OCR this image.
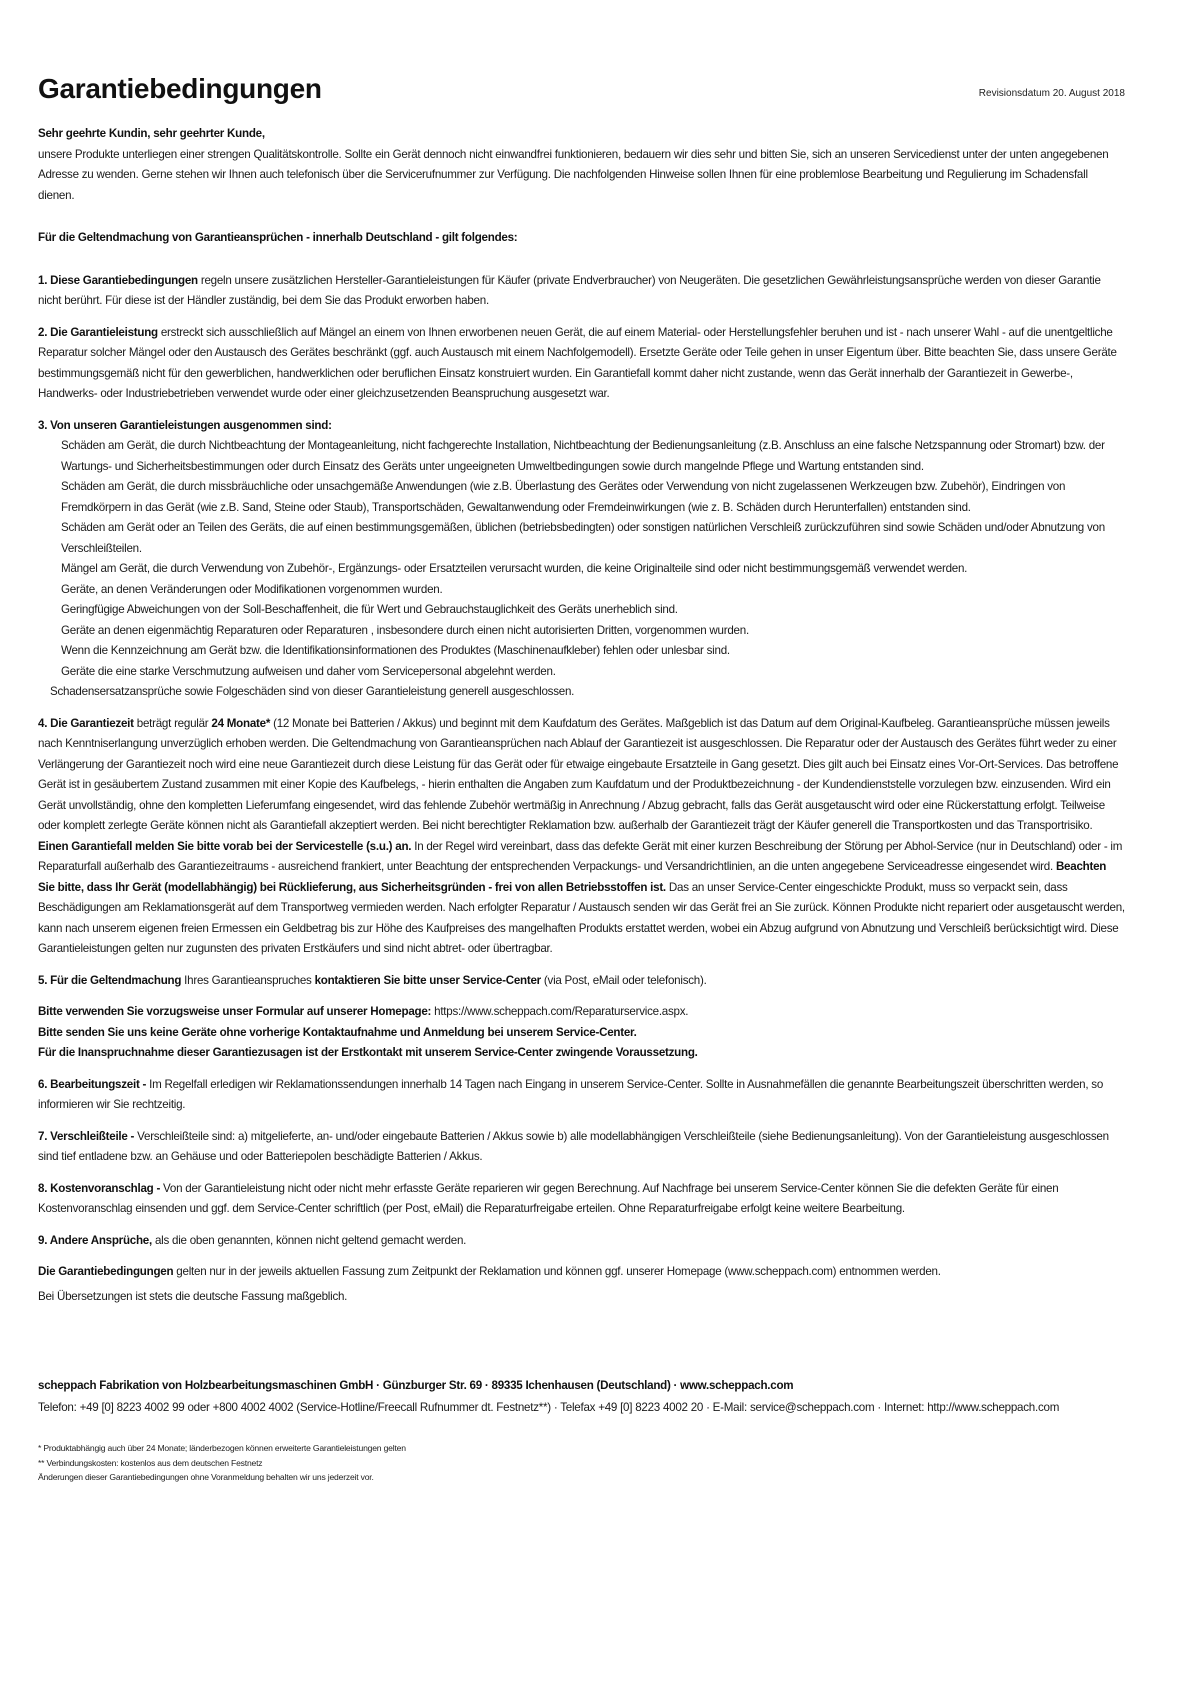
Garantiebedingungen	Revisionsdatum 20. August 2018

Sehr geehrte Kundin, sehr geehrter Kunde,

unsere Produkte unterliegen einer strengen Qualitätskontrolle. Sollte ein Gerät dennoch nicht einwandfrei funktionieren, bedauern wir dies sehr und bitten Sie, sich an unseren Servicedienst unter der unten angegebenen Adresse zu wenden. Gerne stehen wir Ihnen auch telefonisch über die Servicerufnummer zur Verfügung. Die nachfolgenden Hinweise sollen Ihnen für eine problemlose Bearbeitung und Regulierung im Schadensfall dienen.

Für die Geltendmachung von Garantieansprüchen - innerhalb Deutschland - gilt folgendes:

1. Diese Garantiebedingungen regeln unsere zusätzlichen Hersteller-Garantieleistungen für Käufer (private Endverbraucher) von Neugeräten. Die gesetzlichen Gewährleistungsansprüche werden von dieser Garantie nicht berührt. Für diese ist der Händler zuständig, bei dem Sie das Produkt erworben haben.

2. Die Garantieleistung erstreckt sich ausschließlich auf Mängel an einem von Ihnen erworbenen neuen Gerät, die auf einem Material- oder Herstellungsfehler beruhen und ist - nach unserer Wahl - auf die unentgeltliche Reparatur solcher Mängel oder den Austausch des Gerätes beschränkt (ggf. auch Austausch mit einem Nachfolgemodell). Ersetzte Geräte oder Teile gehen in unser Eigentum über. Bitte beachten Sie, dass unsere Geräte bestimmungsgemäß nicht für den gewerblichen, handwerklichen oder beruflichen Einsatz konstruiert wurden. Ein Garantiefall kommt daher nicht zustande, wenn das Gerät innerhalb der Garantiezeit in Gewerbe-, Handwerks- oder Industriebetrieben verwendet wurde oder einer gleichzusetzenden Beanspruchung ausgesetzt war.

3. Von unseren Garantieleistungen ausgenommen sind:

Schäden am Gerät, die durch Nichtbeachtung der Montageanleitung, nicht fachgerechte Installation, Nichtbeachtung der Bedienungsanleitung (z.B. Anschluss an eine falsche Netzspannung oder Stromart) bzw. der Wartungs- und Sicherheitsbestimmungen oder durch Einsatz des Geräts unter ungeeigneten Umweltbedingungen sowie durch mangelnde Pflege und Wartung entstanden sind.
Schäden am Gerät, die durch missbräuchliche oder unsachgemäße Anwendungen (wie z.B. Überlastung des Gerätes oder Verwendung von nicht zugelassenen Werkzeugen bzw. Zubehör), Eindringen von Fremdkörpern in das Gerät (wie z.B. Sand, Steine oder Staub), Transportschäden, Gewaltanwendung oder Fremdeinwirkungen (wie z. B. Schäden durch Herunterfallen) entstanden sind.
Schäden am Gerät oder an Teilen des Geräts, die auf einen bestimmungsgemäßen, üblichen (betriebsbedingten) oder sonstigen natürlichen Verschleiß zurückzuführen sind sowie Schäden und/oder Abnutzung von Verschleißteilen.
Mängel am Gerät, die durch Verwendung von Zubehör-, Ergänzungs- oder Ersatzteilen verursacht wurden, die keine Originalteile sind oder nicht bestimmungsgemäß verwendet werden.
Geräte, an denen Veränderungen oder Modifikationen vorgenommen wurden.
Geringfügige Abweichungen von der Soll-Beschaffenheit, die für Wert und Gebrauchstauglichkeit des Geräts unerheblich sind.
Geräte an denen eigenmächtig Reparaturen oder Reparaturen , insbesondere durch einen nicht autorisierten Dritten, vorgenommen wurden.
Wenn die Kennzeichnung am Gerät bzw. die Identifikationsinformationen des Produktes (Maschinenaufkleber) fehlen oder unlesbar sind.
Geräte die eine starke Verschmutzung aufweisen und daher vom Servicepersonal abgelehnt werden.
Schadensersatzansprüche sowie Folgeschäden sind von dieser Garantieleistung generell ausgeschlossen.

4. Die Garantiezeit beträgt regulär 24 Monate* (12 Monate bei Batterien / Akkus) und beginnt mit dem Kaufdatum des Gerätes. Maßgeblich ist das Datum auf dem Original-Kaufbeleg. Garantieansprüche müssen jeweils nach Kenntniserlangung unverzüglich erhoben werden. Die Geltendmachung von Garantieansprüchen nach Ablauf der Garantiezeit ist ausgeschlossen. Die Reparatur oder der Austausch des Gerätes führt weder zu einer Verlängerung der Garantiezeit noch wird eine neue Garantiezeit durch diese Leistung für das Gerät oder für etwaige eingebaute Ersatzteile in Gang gesetzt. Dies gilt auch bei Einsatz eines Vor-Ort-Services. Das betroffene Gerät ist in gesäubertem Zustand zusammen mit einer Kopie des Kaufbelegs, - hierin enthalten die Angaben zum Kaufdatum und der Produktbezeichnung - der Kundendienststelle vorzulegen bzw. einzusenden. Wird ein Gerät unvollständig, ohne den kompletten Lieferumfang eingesendet, wird das fehlende Zubehör wertmäßig in Anrechnung / Abzug gebracht, falls das Gerät ausgetauscht wird oder eine Rückerstattung erfolgt. Teilweise oder komplett zerlegte Geräte können nicht als Garantiefall akzeptiert werden. Bei nicht berechtigter Reklamation bzw. außerhalb der Garantiezeit trägt der Käufer generell die Transportkosten und das Transportrisiko. Einen Garantiefall melden Sie bitte vorab bei der Servicestelle (s.u.) an. In der Regel wird vereinbart, dass das defekte Gerät mit einer kurzen Beschreibung der Störung per Abhol-Service (nur in Deutschland) oder - im Reparaturfall außerhalb des Garantiezeitraums - ausreichend frankiert, unter Beachtung der entsprechenden Verpackungs- und Versandrichtlinien, an die unten angegebene Serviceadresse eingesendet wird. Beachten Sie bitte, dass Ihr Gerät (modellabhängig) bei Rücklieferung, aus Sicherheitsgründen - frei von allen Betriebsstoffen ist. Das an unser Service-Center eingeschickte Produkt, muss so verpackt sein, dass Beschädigungen am Reklamationsgerät auf dem Transportweg vermieden werden. Nach erfolgter Reparatur / Austausch senden wir das Gerät frei an Sie zurück. Können Produkte nicht repariert oder ausgetauscht werden, kann nach unserem eigenen freien Ermessen ein Geldbetrag bis zur Höhe des Kaufpreises des mangelhaften Produkts erstattet werden, wobei ein Abzug aufgrund von Abnutzung und Verschleiß berücksichtigt wird. Diese Garantieleistungen gelten nur zugunsten des privaten Erstkäufers und sind nicht abtret- oder übertragbar.

5. Für die Geltendmachung Ihres Garantieanspruches kontaktieren Sie bitte unser Service-Center (via Post, eMail oder telefonisch).

Bitte verwenden Sie vorzugsweise unser Formular auf unserer Homepage: https://www.scheppach.com/Reparaturservice.aspx.

Bitte senden Sie uns keine Geräte ohne vorherige Kontaktaufnahme und Anmeldung bei unserem Service-Center.

Für die Inanspruchnahme dieser Garantiezusagen ist der Erstkontakt mit unserem Service-Center zwingende Voraussetzung.

6. Bearbeitungszeit - Im Regelfall erledigen wir Reklamationssendungen innerhalb 14 Tagen nach Eingang in unserem Service-Center. Sollte in Ausnahmefällen die genannte Bearbeitungszeit überschritten werden, so informieren wir Sie rechtzeitig.

7. Verschleißteile - Verschleißteile sind: a) mitgelieferte, an- und/oder eingebaute Batterien / Akkus sowie b) alle modellabhängigen Verschleißteile (siehe Bedienungsanleitung). Von der Garantieleistung ausgeschlossen sind tief entladene bzw. an Gehäuse und oder Batteriepolen beschädigte Batterien / Akkus.

8. Kostenvoranschlag - Von der Garantieleistung nicht oder nicht mehr erfasste Geräte reparieren wir gegen Berechnung. Auf Nachfrage bei unserem Service-Center können Sie die defekten Geräte für einen Kostenvoranschlag einsenden und ggf. dem Service-Center schriftlich (per Post, eMail) die Reparaturfreigabe erteilen. Ohne Reparaturfreigabe erfolgt keine weitere Bearbeitung.

9. Andere Ansprüche, als die oben genannten, können nicht geltend gemacht werden.

Die Garantiebedingungen gelten nur in der jeweils aktuellen Fassung zum Zeitpunkt der Reklamation und können ggf. unserer Homepage (www.scheppach.com) entnommen werden.

Bei Übersetzungen ist stets die deutsche Fassung maßgeblich.

scheppach Fabrikation von Holzbearbeitungsmaschinen GmbH · Günzburger Str. 69 · 89335 Ichenhausen (Deutschland) · www.scheppach.com

Telefon: +49 [0] 8223 4002 99 oder +800 4002 4002 (Service-Hotline/Freecall Rufnummer dt. Festnetz**) · Telefax +49 [0] 8223 4002 20 · E-Mail: service@scheppach.com · Internet: http://www.scheppach.com

* Produktabhängig auch über 24 Monate; länderbezogen können erweiterte Garantieleistungen gelten
** Verbindungskosten: kostenlos aus dem deutschen Festnetz
Änderungen dieser Garantiebedingungen ohne Voranmeldung behalten wir uns jederzeit vor.
